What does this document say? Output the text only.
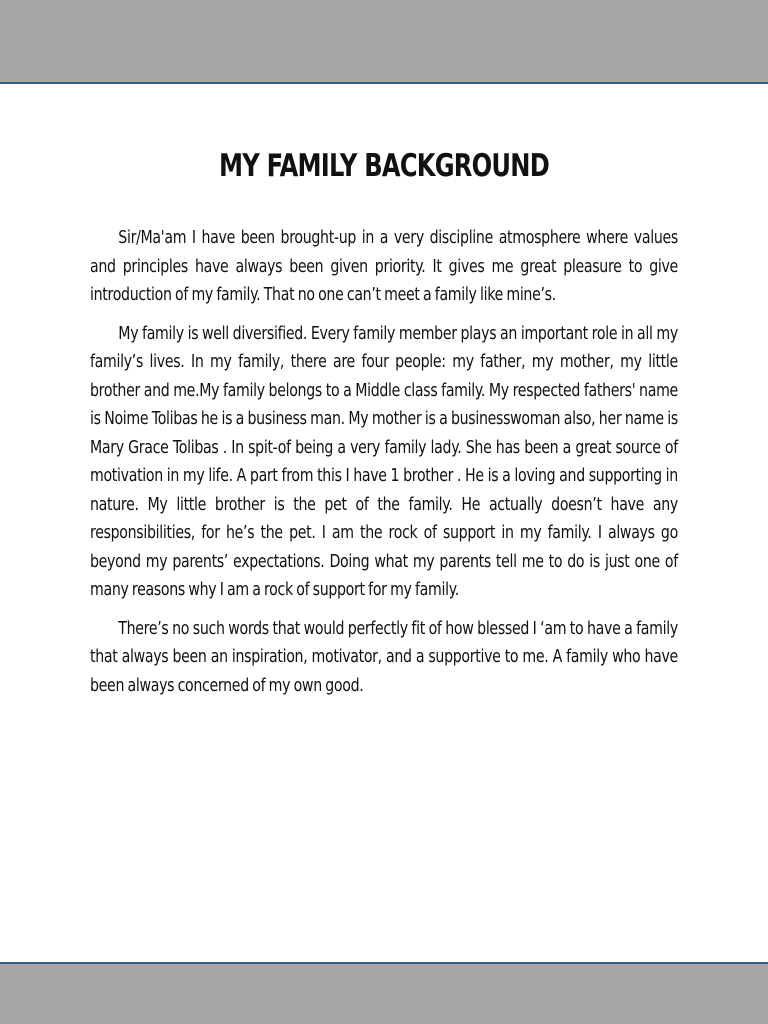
MY FAMILY BACKGROUND

Sir/Ma'am I have been brought-up in a very discipline atmosphere where values and principles have always been given priority. It gives me great pleasure to give introduction of my family. That no one can’t meet a family like mine’s.

My family is well diversified. Every family member plays an important role in all my family’s lives. In my family, there are four people: my father, my mother, my little brother and me.My family belongs to a Middle class family. My respected fathers' name is Noime Tolibas he is a business man. My mother is a businesswoman also, her name is Mary Grace Tolibas . In spit-of being a very family lady. She has been a great source of motivation in my life. A part from this I have 1 brother . He is a loving and supporting in nature. My little brother is the pet of the family. He actually doesn’t have any responsibilities, for he’s the pet. I am the rock of support in my family. I always go beyond my parents’ expectations. Doing what my parents tell me to do is just one of many reasons why I am a rock of support for my family.

There’s no such words that would perfectly fit of how blessed I ‘am to have a family that always been an inspiration, motivator, and a supportive to me. A family who have been always concerned of my own good.
